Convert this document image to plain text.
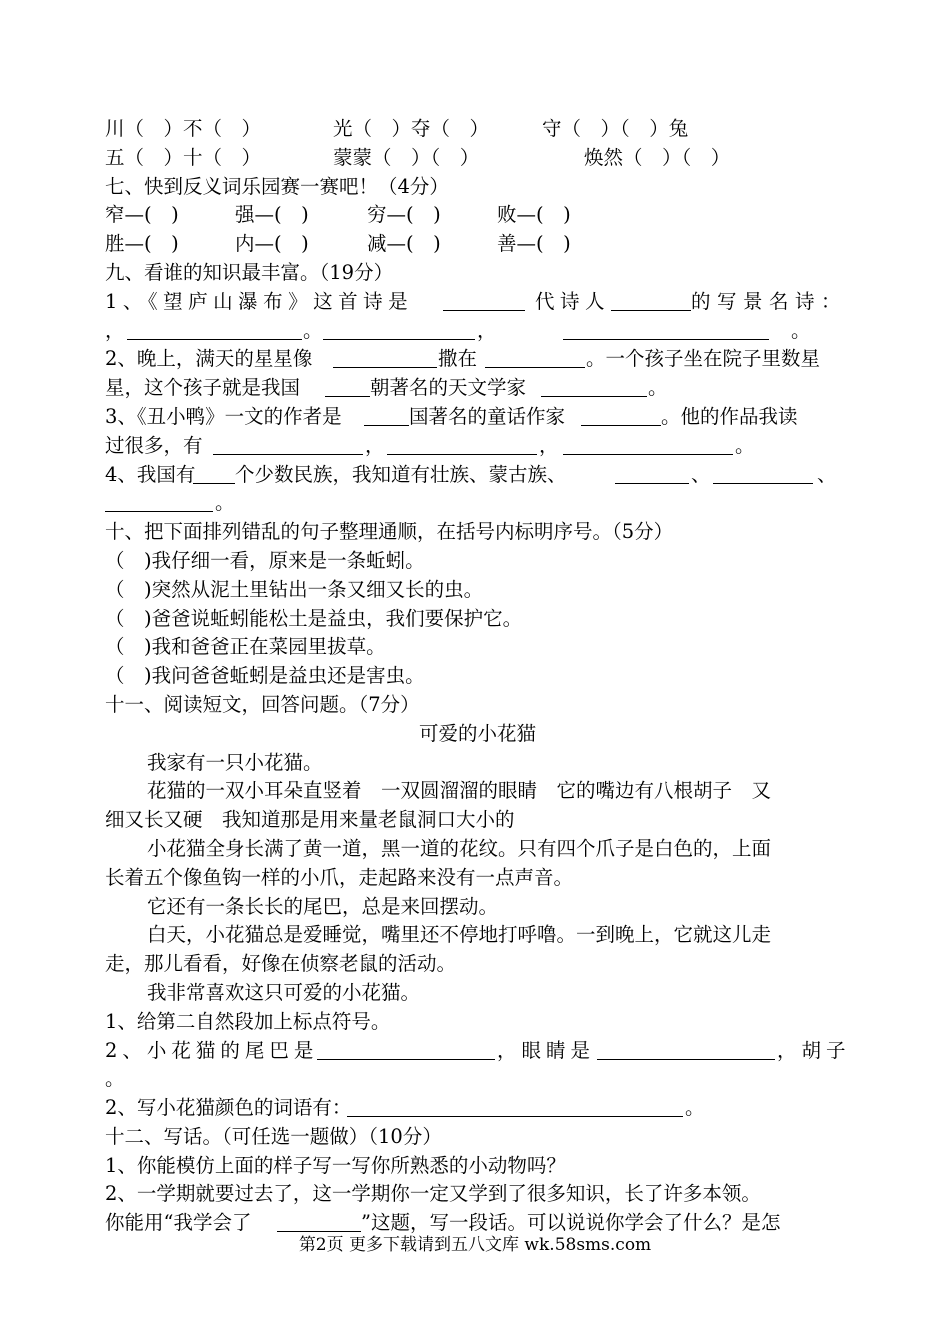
川（　）不（　）	光（　）夺（　）	守（　）（　）兔
五（　）十（　）	蒙蒙（　）（　）	焕然（　）（　）
七、快到反义词乐园赛一赛吧！（4分）
窄—(　)	强—(　)	穷—(　)	败—(　)
胜—(　)	内—(　)	减—(　)	善—(　)
九、看谁的知识最丰富。（19分）
1、《望庐山瀑布》这首诗是	代诗人	的写景名诗：
，	。	，	。
2、晚上，满天的星星像	撒在	。一个孩子坐在院子里数星
星，这个孩子就是我国	朝著名的天文学家	。
3、《丑小鸭》一文的作者是	国著名的童话作家	。他的作品我读
过很多，有	，	，	。
4、我国有 个少数民族，我知道有壮族、蒙古族、	、	、
。
十、把下面排列错乱的句子整理通顺，在括号内标明序号。（5分）
（　)我仔细一看，原来是一条蚯蚓。
（　)突然从泥土里钻出一条又细又长的虫。
（　)爸爸说蚯蚓能松土是益虫，我们要保护它。
（　)我和爸爸正在菜园里拔草。
（　)我问爸爸蚯蚓是益虫还是害虫。
十一、阅读短文，回答问题。（7分）
可爱的小花猫
我家有一只小花猫。
花猫的一双小耳朵直竖着　一双圆溜溜的眼睛　它的嘴边有八根胡子　又
细又长又硬　我知道那是用来量老鼠洞口大小的
小花猫全身长满了黄一道，黑一道的花纹。只有四个爪子是白色的，上面
长着五个像鱼钩一样的小爪，走起路来没有一点声音。
它还有一条长长的尾巴，总是来回摆动。
白天，小花猫总是爱睡觉，嘴里还不停地打呼噜。一到晚上，它就这儿走
走，那儿看看，好像在侦察老鼠的活动。
我非常喜欢这只可爱的小花猫。
1、给第二自然段加上标点符号。
2、小花猫的尾巴是	，眼睛是	，胡子
。
2、写小花猫颜色的词语有：	。
十二、写话。（可任选一题做）（10分）
1、你能模仿上面的样子写一写你所熟悉的小动物吗？
2、一学期就要过去了，这一学期你一定又学到了很多知识，长了许多本领。
你能用“我学会了	”这题，写一段话。可以说说你学会了什么？是怎
第2页 更多下载请到五八文库 wk.58sms.com
